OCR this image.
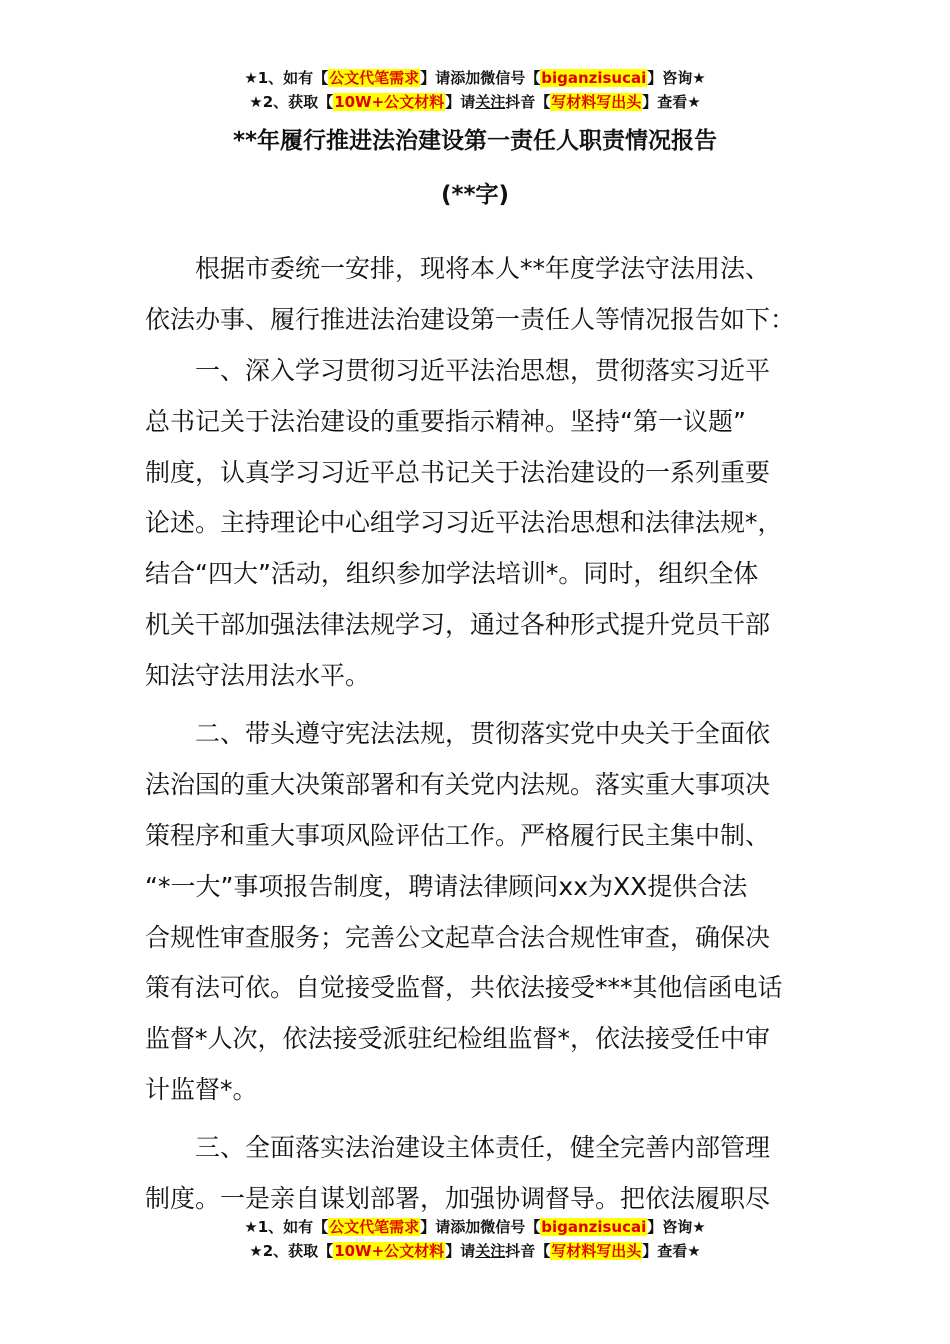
★1、如有【公文代笔需求】请添加微信号【biganzisucai】咨询★
★2、获取【10W+公文材料】请关注抖音【写材料写出头】查看★
**年履行推进法治建设第一责任人职责情况报告
(**字)
根据市委统一安排，现将本人**年度学法守法用法、
依法办事、履行推进法治建设第一责任人等情况报告如下：
一、深入学习贯彻习近平法治思想，贯彻落实习近平
总书记关于法治建设的重要指示精神。坚持“第一议题”
制度，认真学习习近平总书记关于法治建设的一系列重要
论述。主持理论中心组学习习近平法治思想和法律法规*，
结合“四大”活动，组织参加学法培训*。同时，组织全体
机关干部加强法律法规学习，通过各种形式提升党员干部
知法守法用法水平。
二、带头遵守宪法法规，贯彻落实党中央关于全面依
法治国的重大决策部署和有关党内法规。落实重大事项决
策程序和重大事项风险评估工作。严格履行民主集中制、
“*一大”事项报告制度，聘请法律顾问xx为XX提供合法
合规性审查服务；完善公文起草合法合规性审查，确保决
策有法可依。自觉接受监督，共依法接受***其他信函电话
监督*人次，依法接受派驻纪检组监督*，依法接受任中审
计监督*。
三、全面落实法治建设主体责任，健全完善内部管理
制度。一是亲自谋划部署，加强协调督导。把依法履职尽
★1、如有【公文代笔需求】请添加微信号【biganzisucai】咨询★
★2、获取【10W+公文材料】请关注抖音【写材料写出头】查看★
